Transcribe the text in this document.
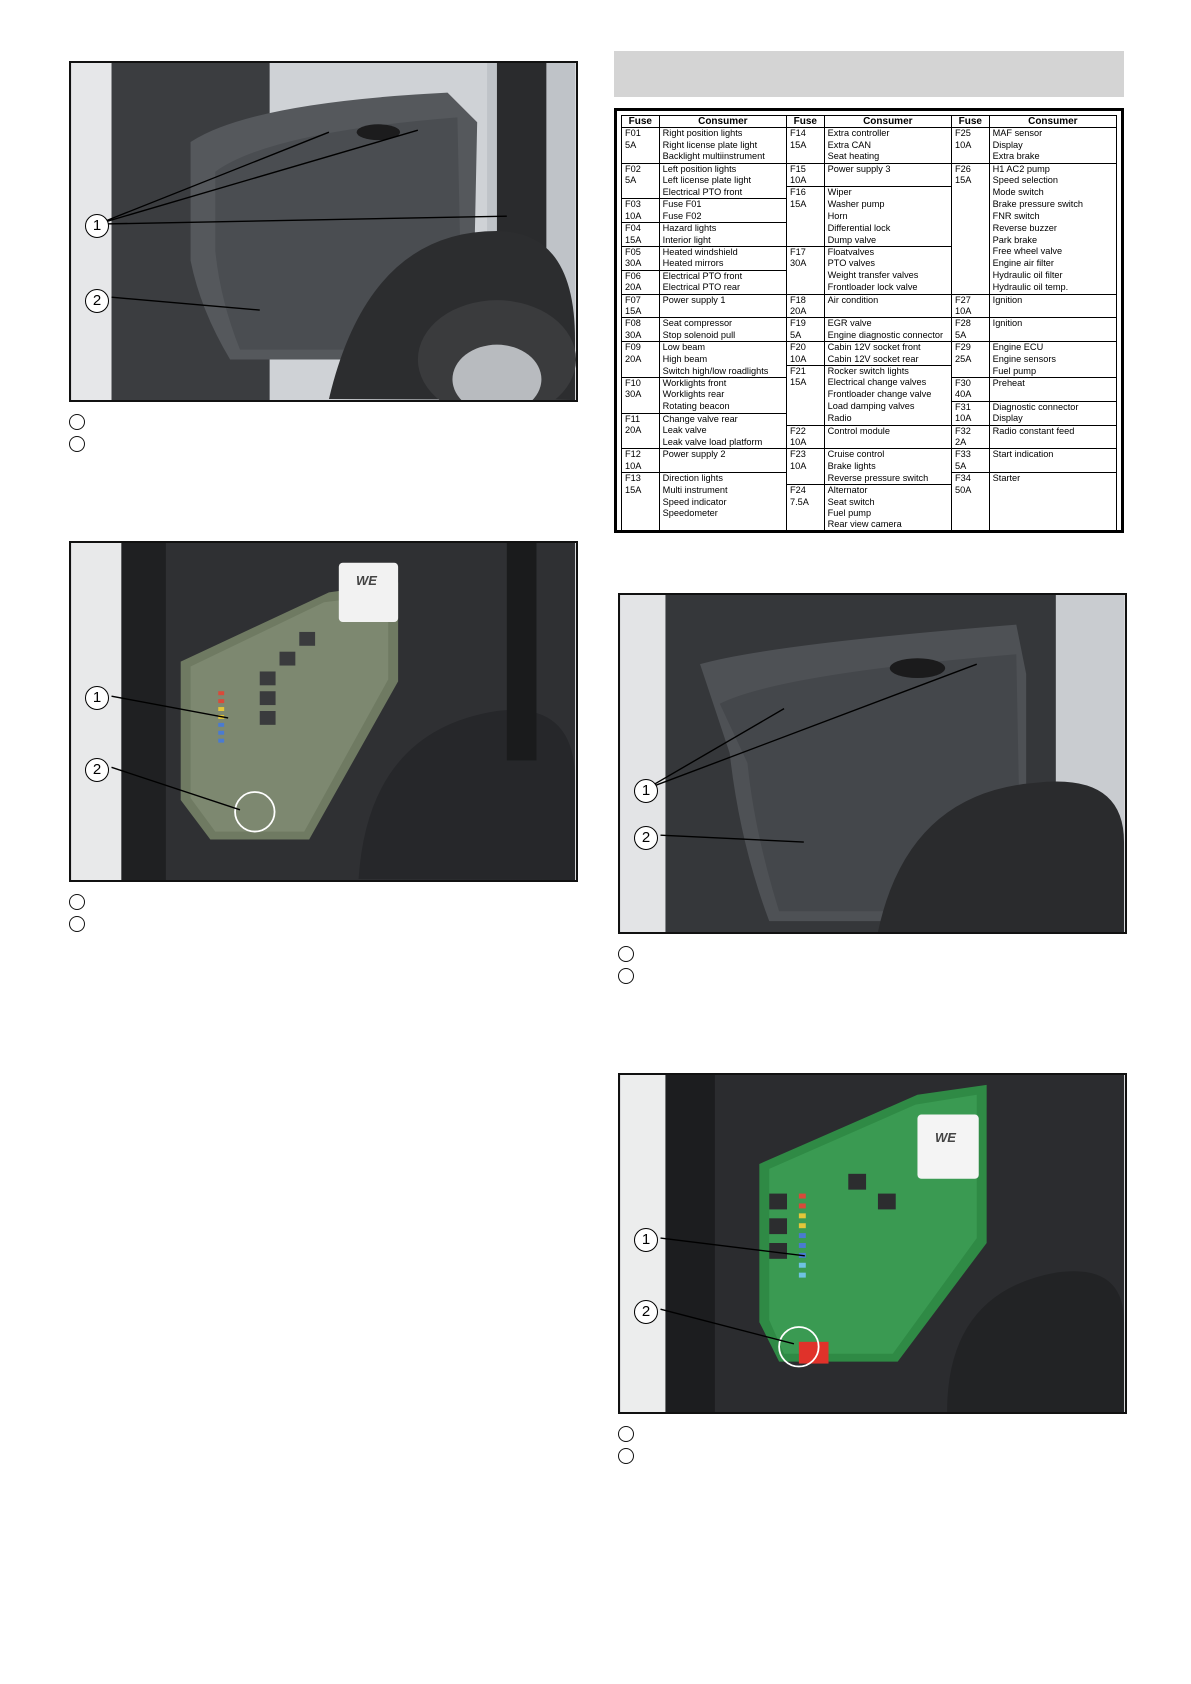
1
2
WE
1
2
Fuse	Consumer	Fuse	Consumer	Fuse	Consumer
F01	Right position lights	F14	Extra controller	F25	MAF sensor
5A	Right license plate light	15A	Extra CAN	10A	Display
	Backlight multiinstrument		Seat heating		Extra brake
F02	Left position lights	F15	Power supply 3	F26	H1 AC2 pump
5A	Left license plate light	10A		15A	Speed selection
	Electrical PTO front	F16	Wiper		Mode switch
F03	Fuse F01	15A	Washer pump		Brake pressure switch
10A	Fuse F02		Horn		FNR switch
F04	Hazard lights		Differential lock		Reverse buzzer
15A	Interior light		Dump valve		Park brake
F05	Heated windshield	F17	Floatvalves		Free wheel valve
30A	Heated mirrors	30A	PTO valves		Engine air filter
F06	Electrical PTO front		Weight transfer valves		Hydraulic oil filter
20A	Electrical PTO rear		Frontloader lock valve		Hydraulic oil temp.
F07	Power supply 1	F18	Air condition	F27	Ignition
15A		20A		10A	
F08	Seat compressor	F19	EGR valve	F28	Ignition
30A	Stop solenoid pull	5A	Engine diagnostic connector	5A	
F09	Low beam	F20	Cabin 12V socket front	F29	Engine ECU
20A	High beam	10A	Cabin 12V socket rear	25A	Engine sensors
	Switch high/low roadlights	F21	Rocker switch lights		Fuel pump
F10	Worklights front	15A	Electrical change valves	F30	Preheat
30A	Worklights rear		Frontloader change valve	40A	
	Rotating beacon		Load damping valves	F31	Diagnostic connector
F11	Change valve rear		Radio	10A	Display
20A	Leak valve	F22	Control module	F32	Radio constant feed
	Leak valve load platform	10A		2A	
F12	Power supply 2	F23	Cruise control	F33	Start indication
10A		10A	Brake lights	5A	
F13	Direction lights		Reverse pressure switch	F34	Starter
15A	Multi instrument	F24	Alternator	50A	
	Speed indicator	7.5A	Seat switch		
	Speedometer		Fuel pump		
			Rear view camera		
1
2
WE
1
2
